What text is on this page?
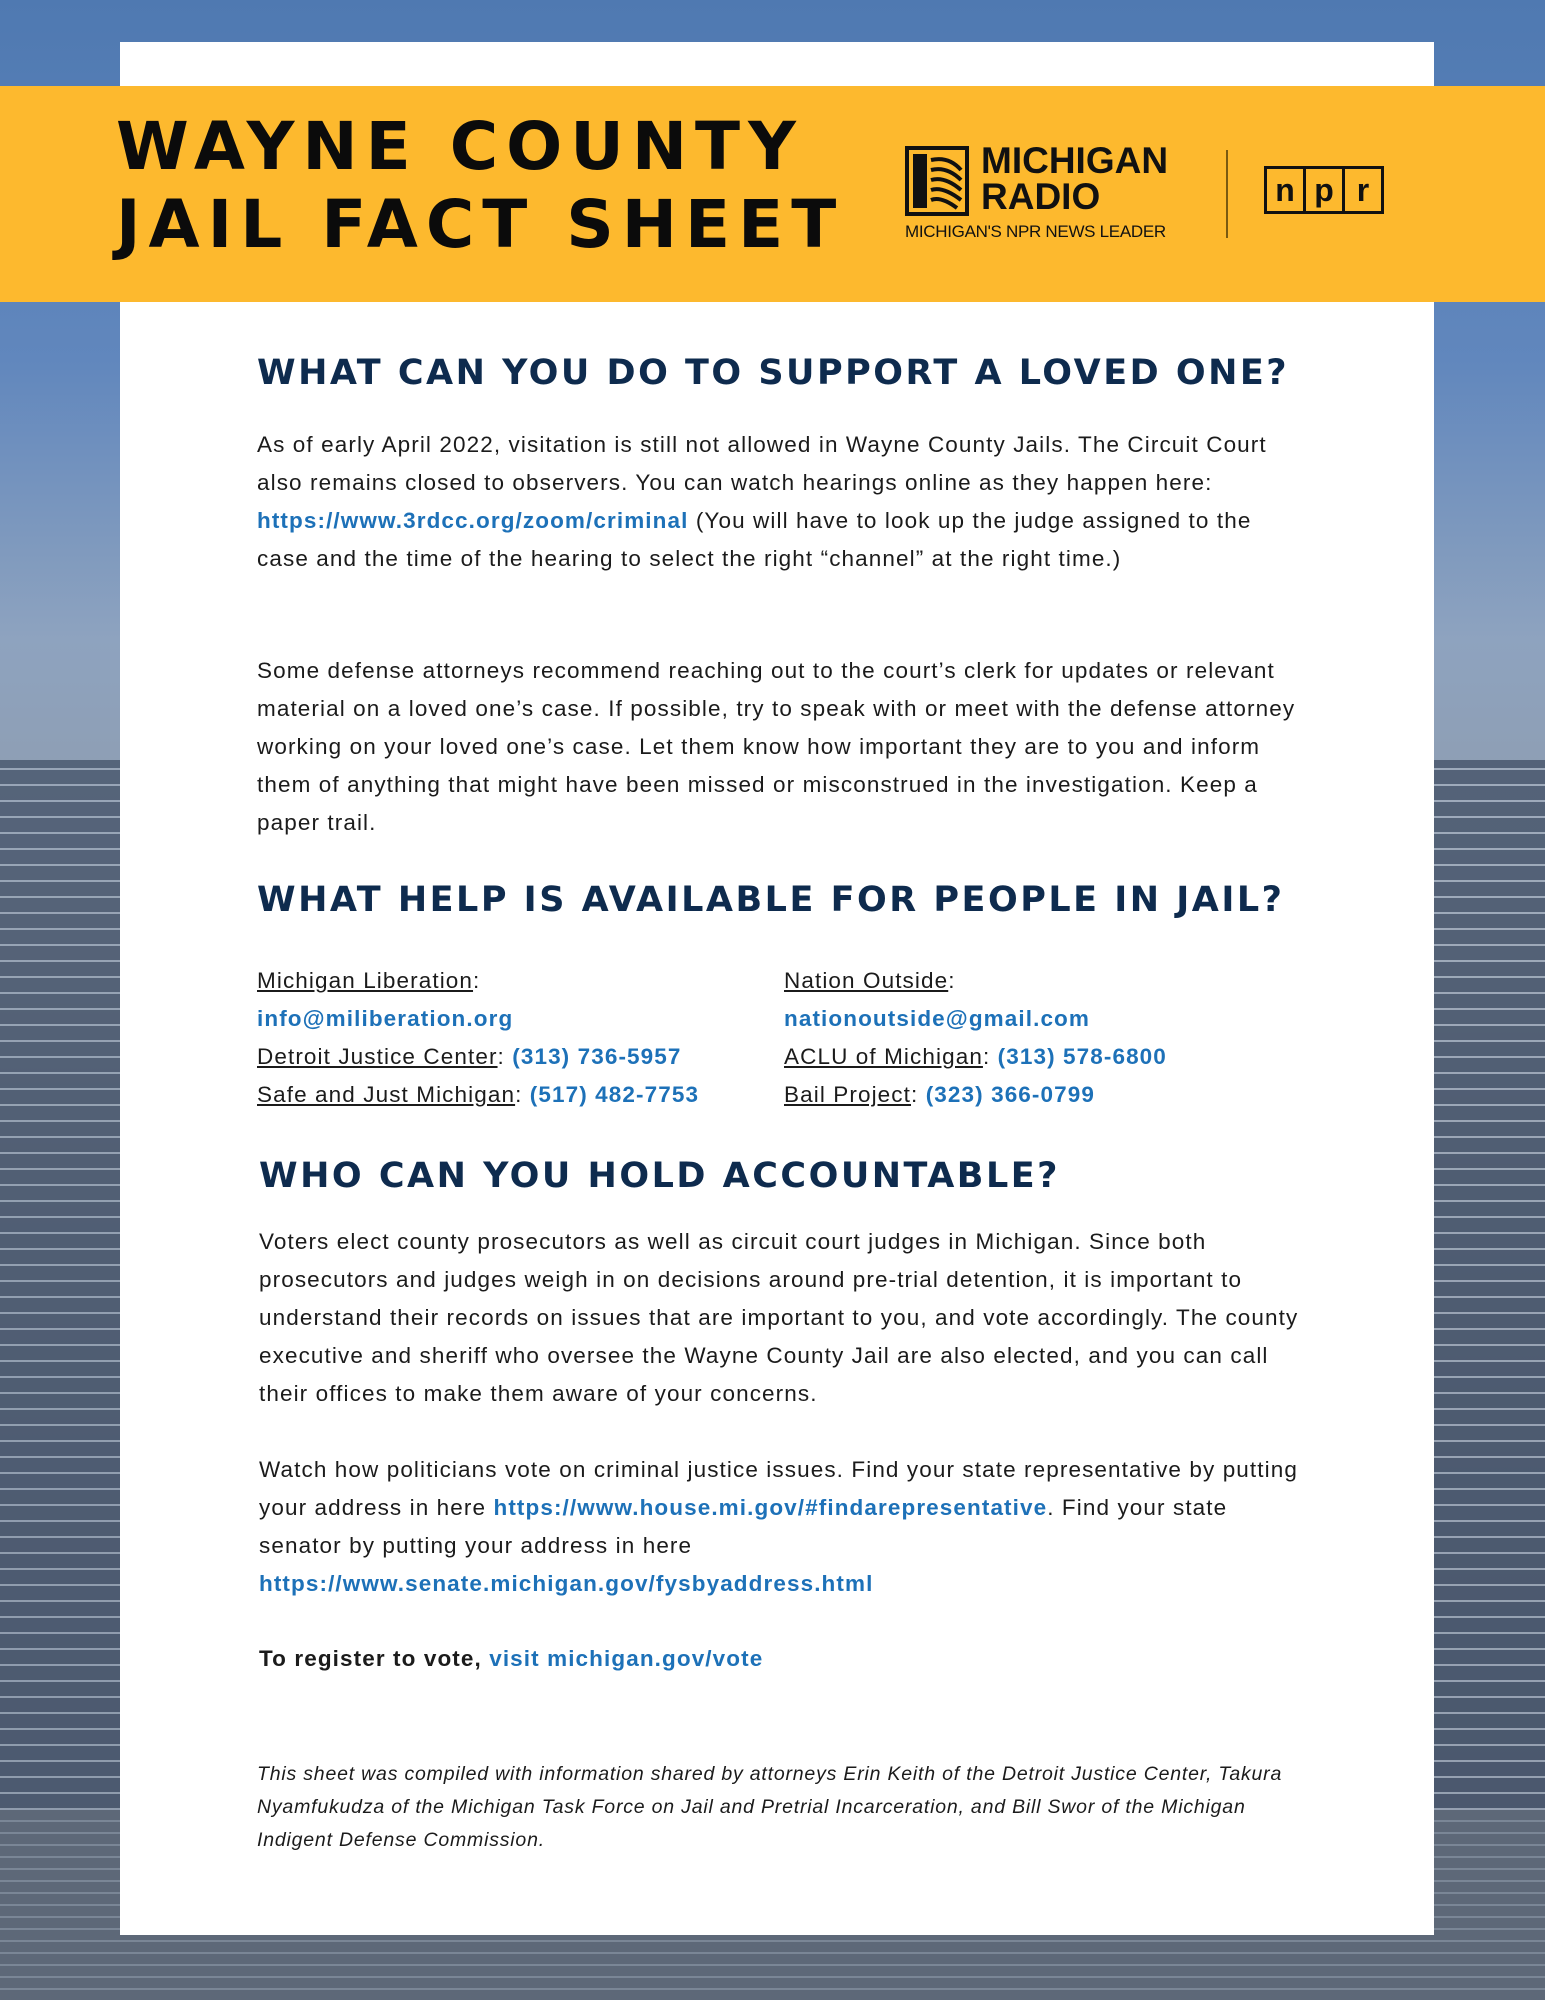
WAYNE COUNTY
JAIL FACT SHEET
MICHIGAN
RADIO
MICHIGAN'S NPR NEWS LEADER
n p r
WHAT CAN YOU DO TO SUPPORT A LOVED ONE?

As of early April 2022, visitation is still not allowed in Wayne County Jails. The Circuit Court also remains closed to observers. You can watch hearings online as they happen here: https://www.3rdcc.org/zoom/criminal (You will have to look up the judge assigned to the case and the time of the hearing to select the right “channel” at the right time.)

Some defense attorneys recommend reaching out to the court’s clerk for updates or relevant material on a loved one’s case. If possible, try to speak with or meet with the defense attorney working on your loved one’s case. Let them know how important they are to you and inform them of anything that might have been missed or misconstrued in the investigation. Keep a paper trail.

WHAT HELP IS AVAILABLE FOR PEOPLE IN JAIL?
Michigan Liberation:
info@miliberation.org
Detroit Justice Center: (313) 736-5957
Safe and Just Michigan: (517) 482-7753
Nation Outside:
nationoutside@gmail.com
ACLU of Michigan: (313) 578-6800
Bail Project: (323) 366-0799
WHO CAN YOU HOLD ACCOUNTABLE?

Voters elect county prosecutors as well as circuit court judges in Michigan. Since both prosecutors and judges weigh in on decisions around pre-trial detention, it is important to understand their records on issues that are important to you, and vote accordingly. The county executive and sheriff who oversee the Wayne County Jail are also elected, and you can call their offices to make them aware of your concerns.

Watch how politicians vote on criminal justice issues. Find your state representative by putting your address in here https://www.house.mi.gov/#findarepresentative. Find your state senator by putting your address in here https://www.senate.michigan.gov/fysbyaddress.html

To register to vote, visit michigan.gov/vote

This sheet was compiled with information shared by attorneys Erin Keith of the Detroit Justice Center, Takura Nyamfukudza of the Michigan Task Force on Jail and Pretrial Incarceration, and Bill Swor of the Michigan Indigent Defense Commission.
